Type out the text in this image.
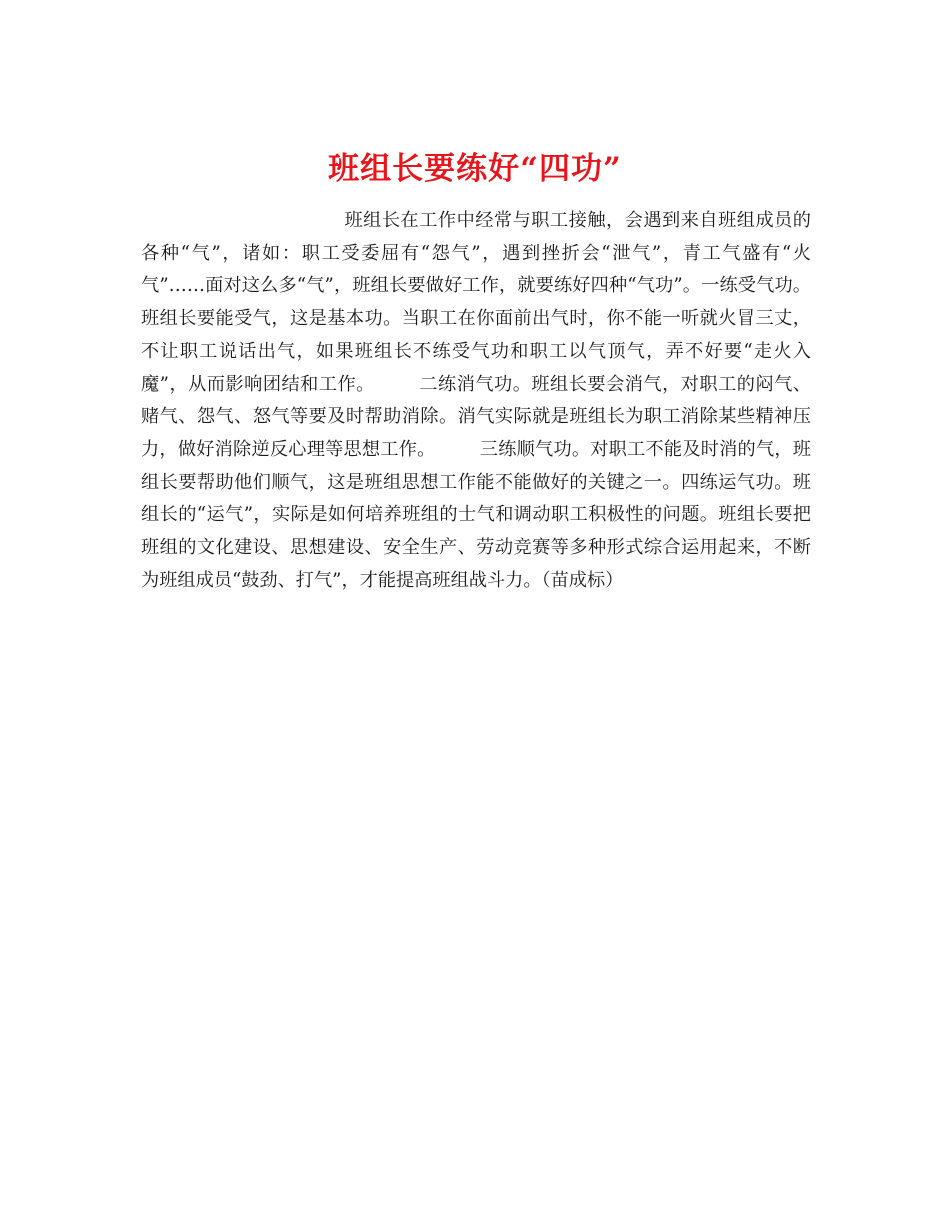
班组长要练好“四功”

班组长在工作中经常与职工接触，会遇到来自班组成员的各种“气”，诸如：职工受委屈有“怨气”，遇到挫折会“泄气”，青工气盛有“火气”……面对这么多“气”，班组长要做好工作，就要练好四种“气功”。一练受气功。班组长要能受气，这是基本功。当职工在你面前出气时，你不能一听就火冒三丈，不让职工说话出气，如果班组长不练受气功和职工以气顶气，弄不好要“走火入魔”，从而影响团结和工作。 二练消气功。班组长要会消气，对职工的闷气、赌气、怨气、怒气等要及时帮助消除。消气实际就是班组长为职工消除某些精神压力，做好消除逆反心理等思想工作。 三练顺气功。对职工不能及时消的气，班组长要帮助他们顺气，这是班组思想工作能不能做好的关键之一。四练运气功。班组长的“运气”，实际是如何培养班组的士气和调动职工积极性的问题。班组长要把班组的文化建设、思想建设、安全生产、劳动竞赛等多种形式综合运用起来，不断为班组成员“鼓劲、打气”，才能提高班组战斗力。（苗成标）
